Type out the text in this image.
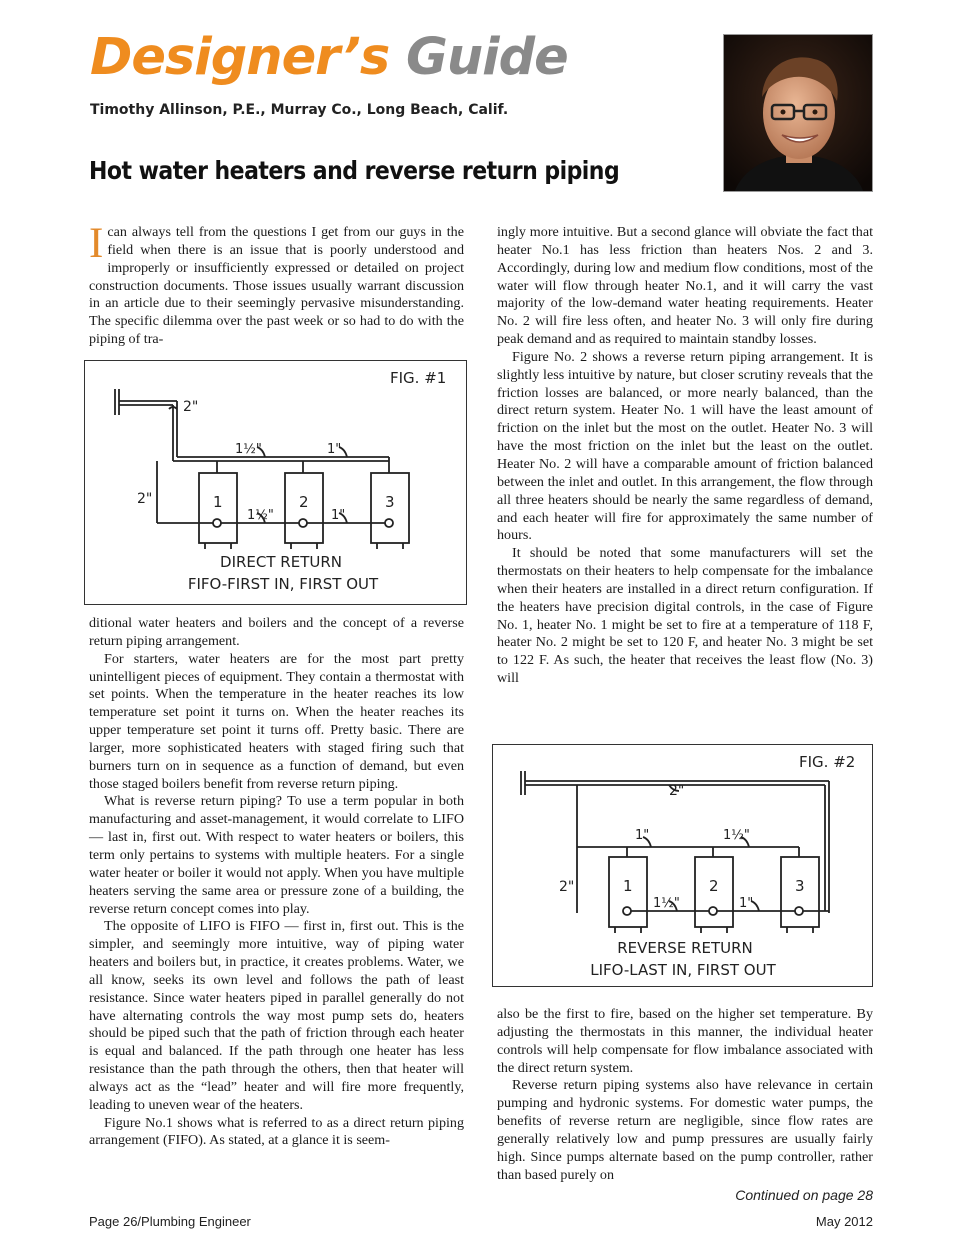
Designer’s Guide
Timothy Allinson, P.E., Murray Co., Long Beach, Calif.
Hot water heaters and reverse return piping

Ican always tell from the questions I get from our guys in the field when there is an issue that is poorly understood and improperly or insufficiently expressed or detailed on project construction documents. Those issues usually warrant discussion in an article due to their seemingly pervasive misunderstanding. The specific dilemma over the past week or so had to do with the piping of tra-

FIG. #1
2"
2"
1½"	1"
1½"	1"
1	2	3
DIRECT RETURN
FIFO-FIRST IN, FIRST OUT

ditional water heaters and boilers and the concept of a reverse return piping arrangement.

For starters, water heaters are for the most part pretty unintelligent pieces of equipment. They contain a thermostat with set points. When the temperature in the heater reaches its low temperature set point it turns on. When the heater reaches its upper temperature set point it turns off. Pretty basic. There are larger, more sophisticated heaters with staged firing such that burners turn on in sequence as a function of demand, but even those staged boilers benefit from reverse return piping.

What is reverse return piping? To use a term popular in both manufacturing and asset-management, it would correlate to LIFO — last in, first out. With respect to water heaters or boilers, this term only pertains to systems with multiple heaters. For a single water heater or boiler it would not apply. When you have multiple heaters serving the same area or pressure zone of a building, the reverse return concept comes into play.

The opposite of LIFO is FIFO — first in, first out. This is the simpler, and seemingly more intuitive, way of piping water heaters and boilers but, in practice, it creates problems. Water, we all know, seeks its own level and follows the path of least resistance. Since water heaters piped in parallel generally do not have alternating controls the way most pump sets do, heaters should be piped such that the path of friction through each heater is equal and balanced. If the path through one heater has less resistance than the path through the others, then that heater will always act as the “lead” heater and will fire more frequently, leading to uneven wear of the heaters.

Figure No.1 shows what is referred to as a direct return piping arrangement (FIFO). As stated, at a glance it is seem-

ingly more intuitive. But a second glance will obviate the fact that heater No.1 has less friction than heaters Nos. 2 and 3. Accordingly, during low and medium flow conditions, most of the water will flow through heater No.1, and it will carry the vast majority of the low-demand water heating requirements. Heater No. 2 will fire less often, and heater No. 3 will only fire during peak demand and as required to maintain standby losses.

Figure No. 2 shows a reverse return piping arrangement. It is slightly less intuitive by nature, but closer scrutiny reveals that the friction losses are balanced, or more nearly balanced, than the direct return system. Heater No. 1 will have the least amount of friction on the inlet but the most on the outlet. Heater No. 3 will have the most friction on the inlet but the least on the outlet. Heater No. 2 will have a comparable amount of friction balanced between the inlet and outlet. In this arrangement, the flow through all three heaters should be nearly the same regardless of demand, and each heater will fire for approximately the same number of hours.

It should be noted that some manufacturers will set the thermostats on their heaters to help compensate for the imbalance when their heaters are installed in a direct return configuration. If the heaters have precision digital controls, in the case of Figure No. 1, heater No. 1 might be set to fire at a temperature of 118 F, heater No. 2 might be set to 120 F, and heater No. 3 might be set to 122 F. As such, the heater that receives the least flow (No. 3) will

FIG. #2
2"
2"
1"	1½"
1½"	1"
1	2	3
REVERSE RETURN
LIFO-LAST IN, FIRST OUT

also be the first to fire, based on the higher set temperature. By adjusting the thermostats in this manner, the individual heater controls will help compensate for flow imbalance associated with the direct return system.

Reverse return piping systems also have relevance in certain pumping and hydronic systems. For domestic water pumps, the benefits of reverse return are negligible, since flow rates are generally relatively low and pump pressures are usually fairly high. Since pumps alternate based on the pump controller, rather than based purely on

Continued on page 28
Page 26/Plumbing Engineer	May 2012
